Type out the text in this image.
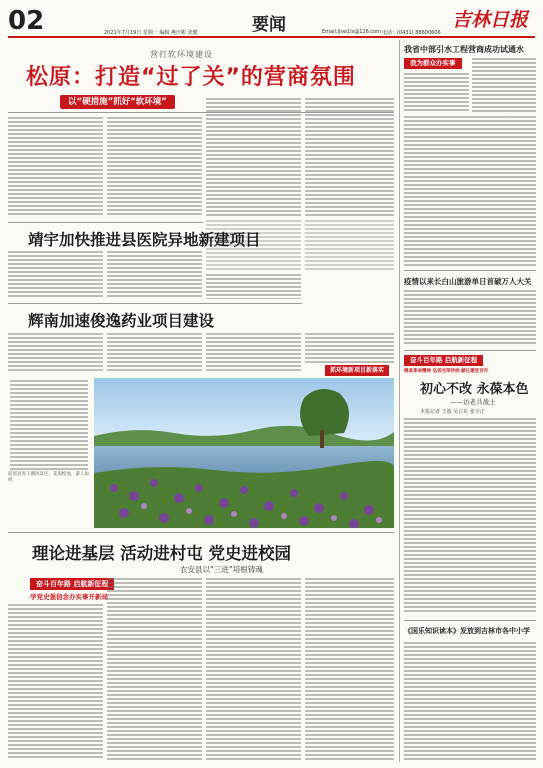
02	要闻
2021年7月19日 星期一 编辑 燕庆彬 张健	Email:jlsw1ls@126.com 电话：(0431) 88600606
吉林日报
营打软环境建设
松原：打造“过了关”的营商氛围
以“硬措施”抓好“软环境”
靖宇加快推进县医院异地新建项目
辉南加速俊逸药业项目建设
抓环境新项目新落实
前郭县查干湖风景区，花海绽放，游人如织
理论进基层 活动进村屯 党史进校园
农安县以“三进”培根铸魂
奋斗百年路 启航新征程
学党史强信念办实事开新局
我省中部引水工程营商成功试通水
我为群众办实事
疫情以来长白山旅游单日首破万人大关
奋斗百年路 启航新征程
继承革命精神 弘扬光荣传统 献礼建党百年
初心不改 永葆本色
——访老共战士
本报记者 王波 吴召东 张宇正
《国乐知识读本》发放到吉林市各中小学
